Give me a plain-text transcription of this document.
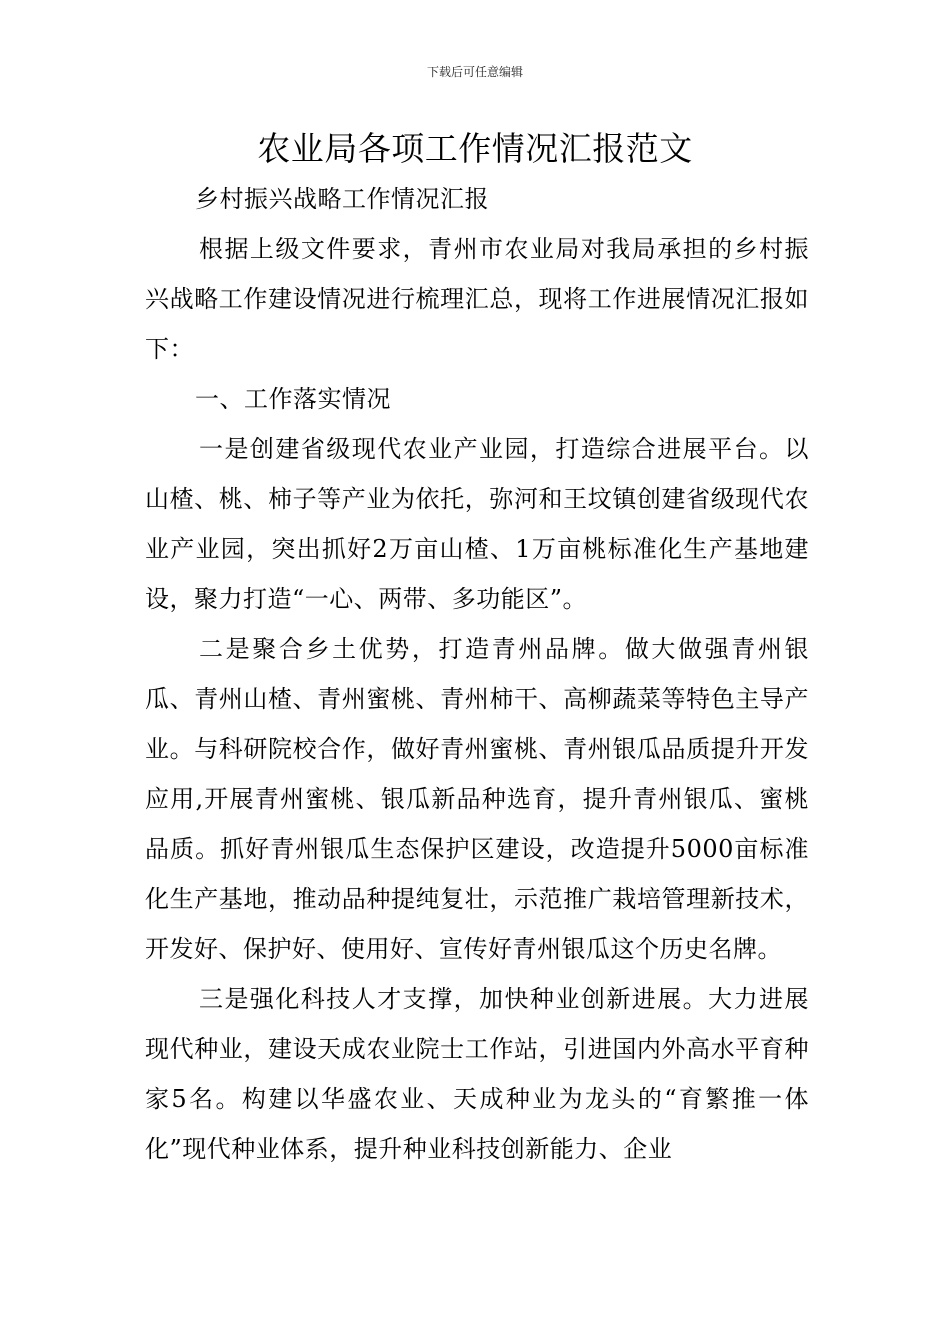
下载后可任意编辑
农业局各项工作情况汇报范文

乡村振兴战略工作情况汇报

根据上级文件要求，青州市农业局对我局承担的乡村振兴战略工作建设情况进行梳理汇总，现将工作进展情况汇报如下：

一、工作落实情况

一是创建省级现代农业产业园，打造综合进展平台。以山楂、桃、柿子等产业为依托，弥河和王坟镇创建省级现代农业产业园，突出抓好2万亩山楂、1万亩桃标准化生产基地建设，聚力打造“一心、两带、多功能区”。

二是聚合乡土优势，打造青州品牌。做大做强青州银瓜、青州山楂、青州蜜桃、青州柿干、高柳蔬菜等特色主导产业。与科研院校合作，做好青州蜜桃、青州银瓜品质提升开发应用,开展青州蜜桃、银瓜新品种选育，提升青州银瓜、蜜桃品质。抓好青州银瓜生态保护区建设，改造提升5000亩标准化生产基地，推动品种提纯复壮，示范推广栽培管理新技术，开发好、保护好、使用好、宣传好青州银瓜这个历史名牌。

三是强化科技人才支撑，加快种业创新进展。大力进展现代种业，建设天成农业院士工作站，引进国内外高水平育种家5名。构建以华盛农业、天成种业为龙头的“育繁推一体化”现代种业体系，提升种业科技创新能力、企业
